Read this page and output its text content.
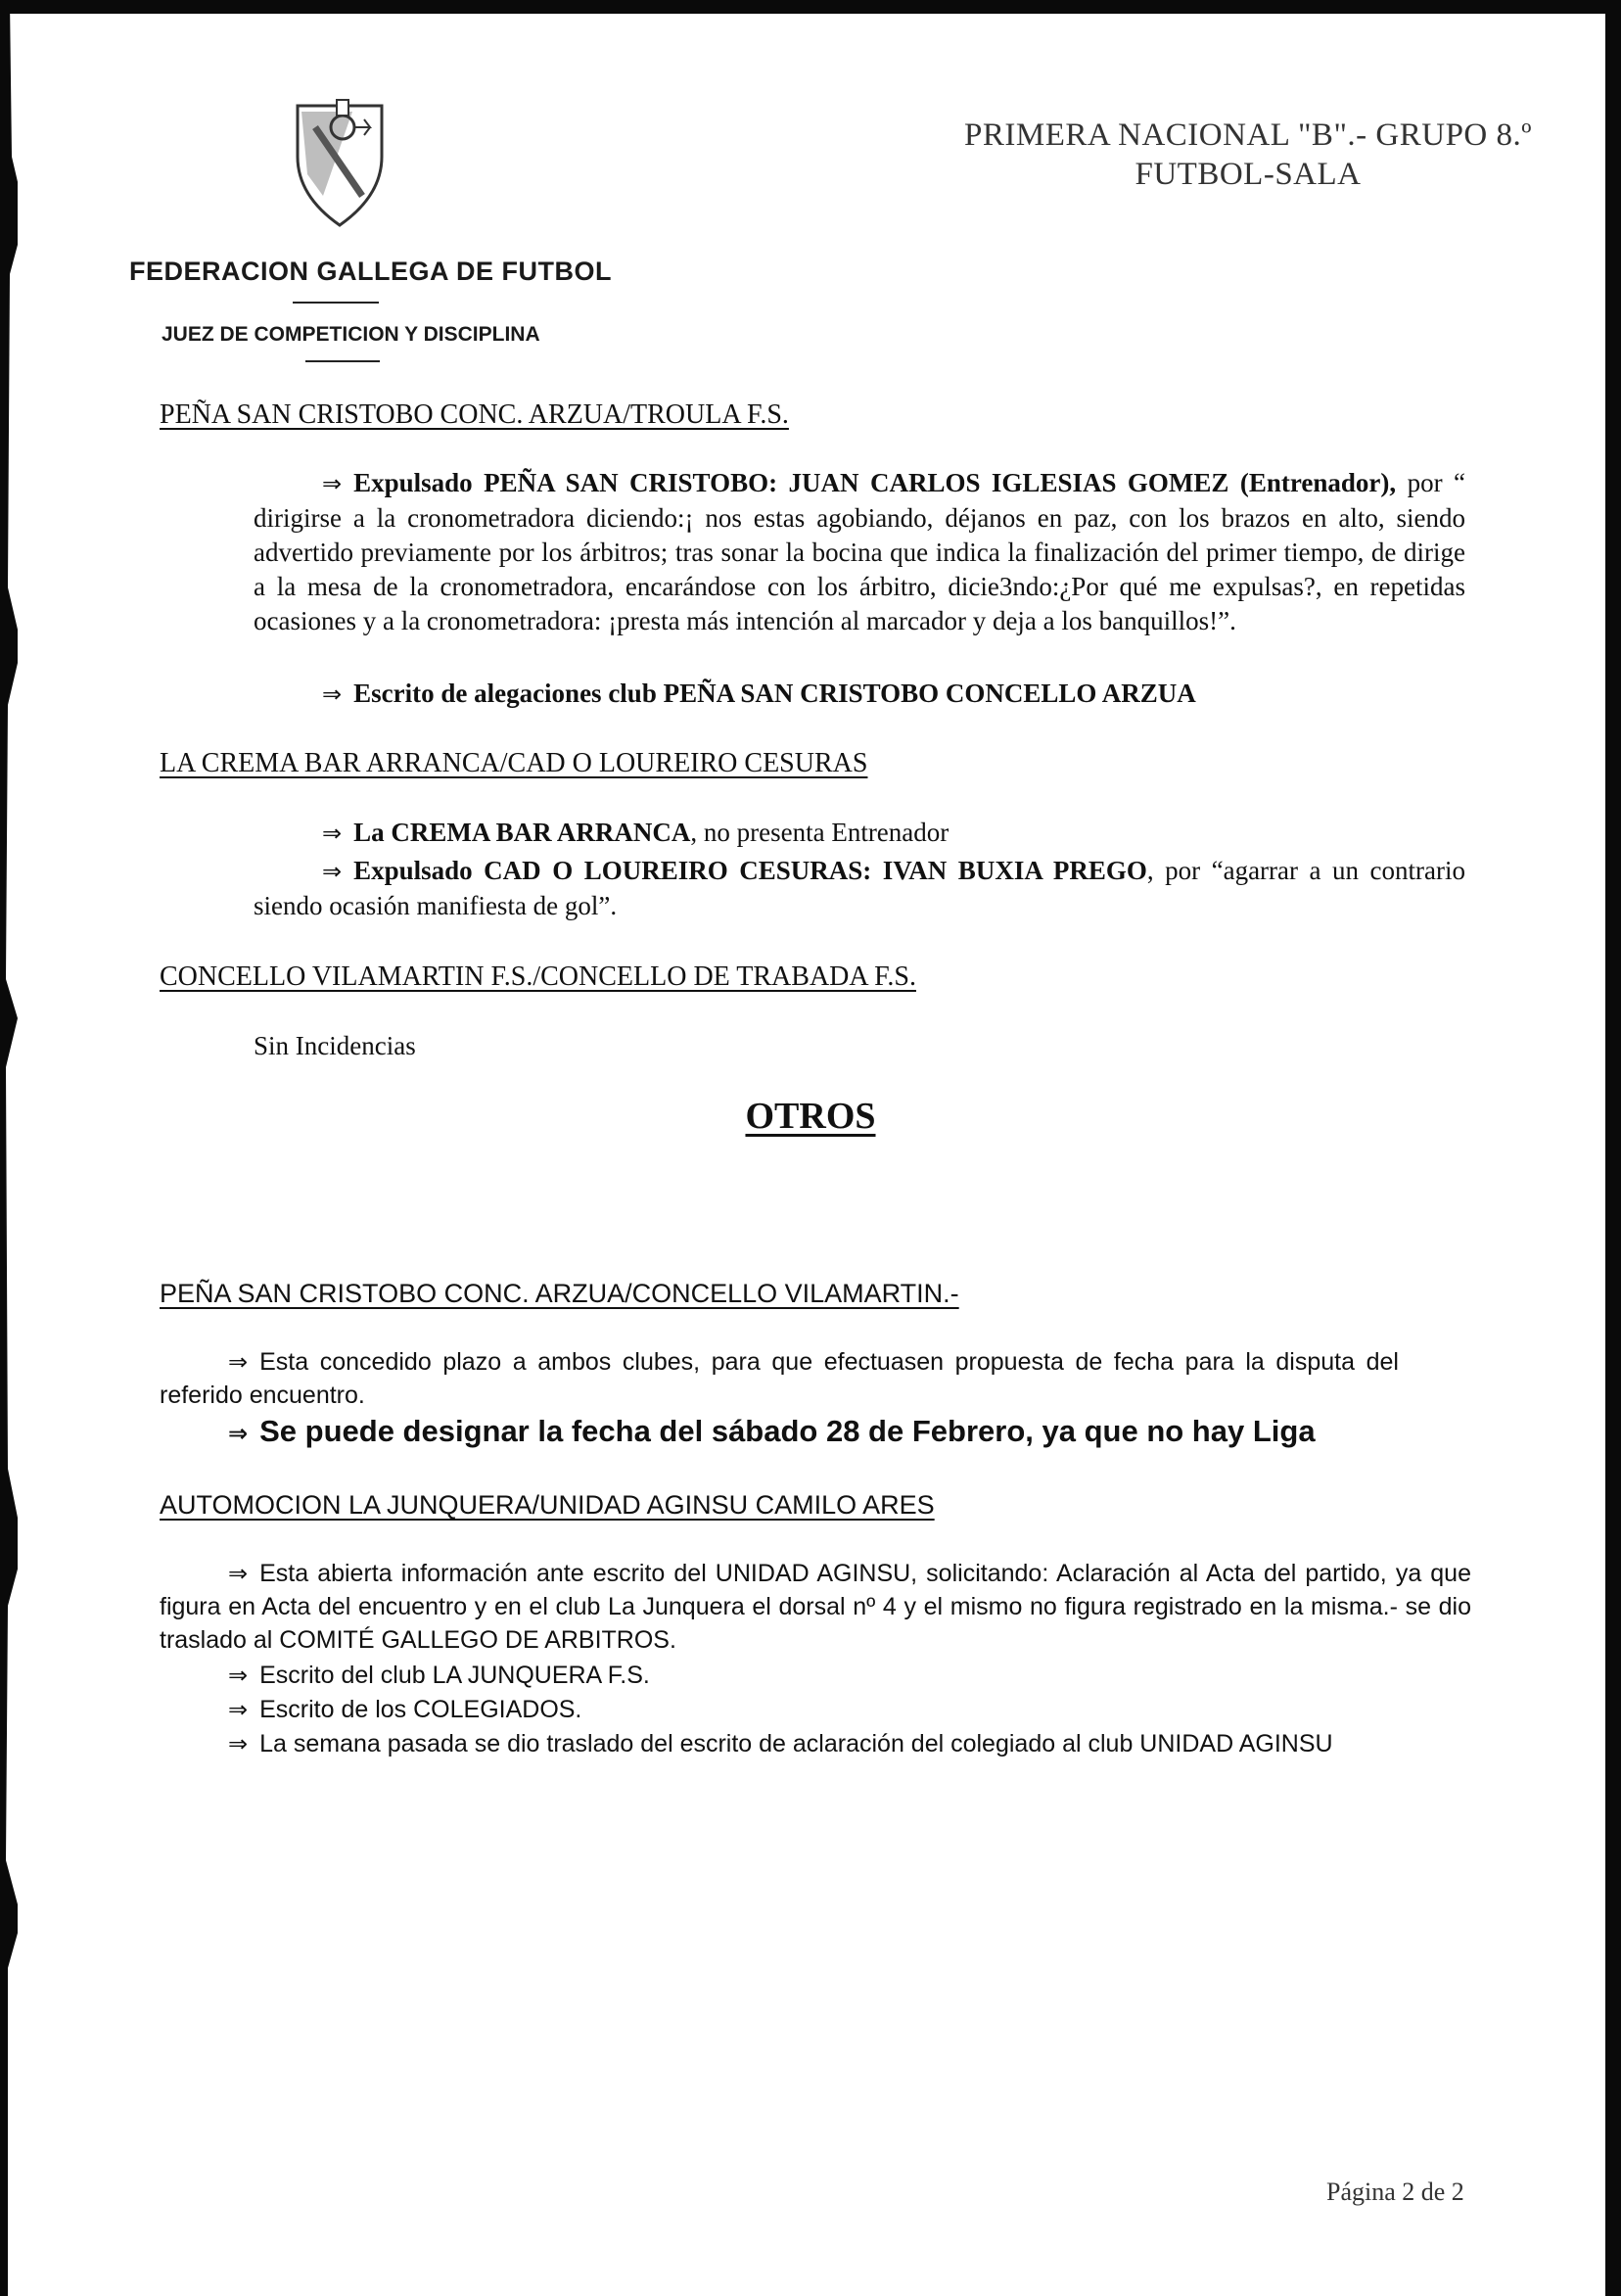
FEDERACION GALLEGA DE FUTBOL
JUEZ DE COMPETICION Y DISCIPLINA
PRIMERA NACIONAL "B".- GRUPO 8.º
FUTBOL-SALA
PEÑA SAN CRISTOBO CONC. ARZUA/TROULA F.S.
⇒ Expulsado PEÑA SAN CRISTOBO: JUAN CARLOS IGLESIAS GOMEZ (Entrenador), por “ dirigirse a la cronometradora diciendo:¡ nos estas agobiando, déjanos en paz, con los brazos en alto, siendo advertido previamente por los árbitros; tras sonar la bocina que indica la finalización del primer tiempo, de dirige a la mesa de la cronometradora, encarándose con los árbitro, dicie3ndo:¿Por qué me expulsas?, en repetidas ocasiones y a la cronometradora: ¡presta más intención al marcador y deja a los banquillos!”.
⇒ Escrito de alegaciones club PEÑA SAN CRISTOBO CONCELLO ARZUA
LA CREMA BAR ARRANCA/CAD O LOUREIRO CESURAS
⇒ La CREMA BAR ARRANCA, no presenta Entrenador
⇒ Expulsado CAD O LOUREIRO CESURAS: IVAN BUXIA PREGO, por “agarrar a un contrario siendo ocasión manifiesta de gol”.
CONCELLO VILAMARTIN F.S./CONCELLO DE TRABADA F.S.
Sin Incidencias
OTROS
PEÑA SAN CRISTOBO CONC. ARZUA/CONCELLO VILAMARTIN.-
⇒ Esta concedido plazo a ambos clubes, para que efectuasen propuesta de fecha para la disputa del referido encuentro.
⇒ Se puede designar la fecha del sábado 28 de Febrero, ya que no hay Liga
AUTOMOCION LA JUNQUERA/UNIDAD AGINSU CAMILO ARES
⇒ Esta abierta información ante escrito del UNIDAD AGINSU, solicitando: Aclaración al Acta del partido, ya que figura en Acta del encuentro y en el club La Junquera el dorsal nº 4 y el mismo no figura registrado en la misma.- se dio traslado al COMITÉ GALLEGO DE ARBITROS.
⇒ Escrito del club LA JUNQUERA F.S.
⇒ Escrito de los COLEGIADOS.
⇒ La semana pasada se dio traslado del escrito de aclaración del colegiado al club UNIDAD AGINSU
Página 2 de 2
